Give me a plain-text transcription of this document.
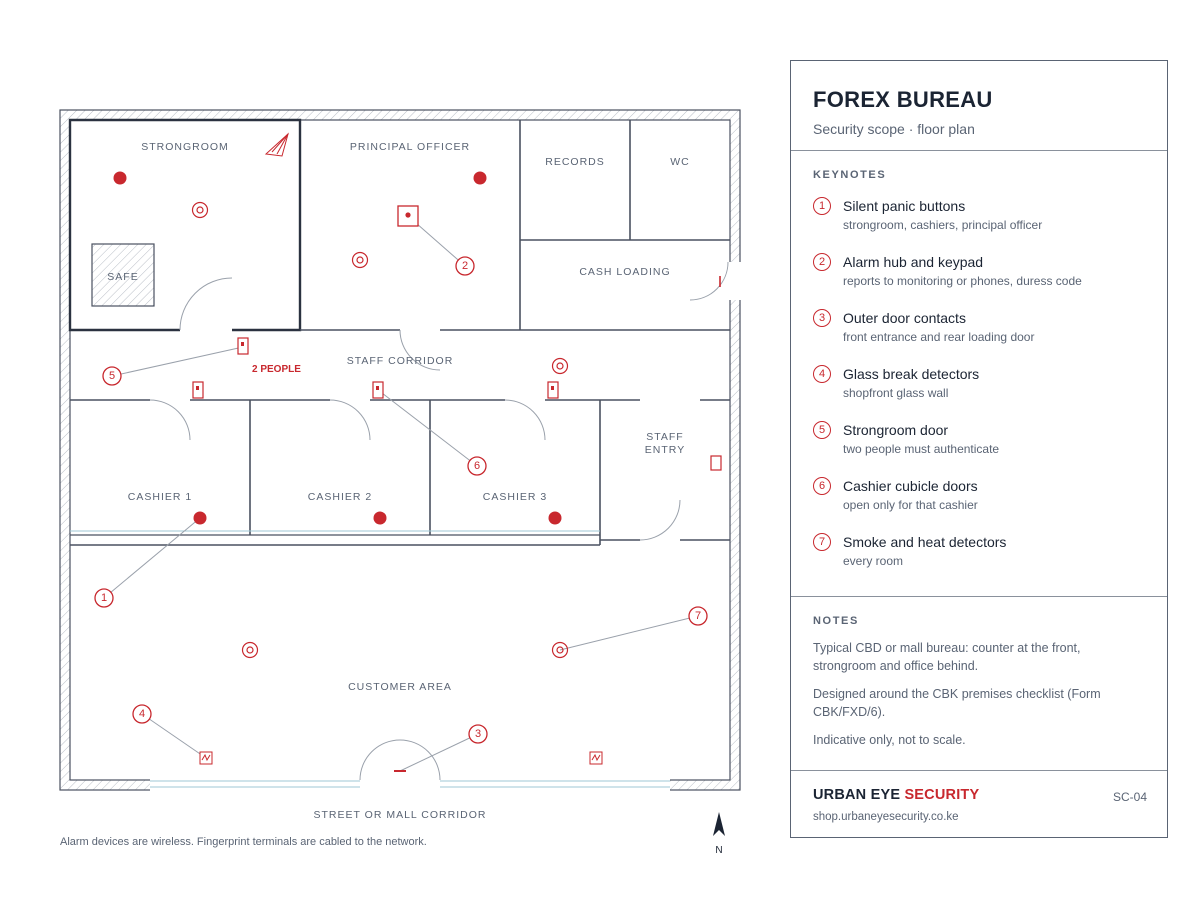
STRONGROOM
SAFE
PRINCIPAL OFFICER
RECORDS	WC
CASH LOADING
STAFF CORRIDOR
STAFF
ENTRY
CASHIER 1	CASHIER 2	CASHIER 3
CUSTOMER AREA
STREET OR MALL CORRIDOR
2 PEOPLE
1
2
3
4
5
6
7
Alarm devices are wireless. Fingerprint terminals are cabled to the network.
N
FOREX BUREAU
Security scope · floor plan
KEYNOTES
1	Silent panic buttons
strongroom, cashiers, principal officer
2	Alarm hub and keypad
reports to monitoring or phones, duress code
3	Outer door contacts
front entrance and rear loading door
4	Glass break detectors
shopfront glass wall
5	Strongroom door
two people must authenticate
6	Cashier cubicle doors
open only for that cashier
7	Smoke and heat detectors
every room
NOTES
Typical CBD or mall bureau: counter at the front, strongroom and office behind.
Designed around the CBK premises checklist (Form CBK/FXD/6).
Indicative only, not to scale.
URBAN EYE SECURITY	SC-04
shop.urbaneyesecurity.co.ke
